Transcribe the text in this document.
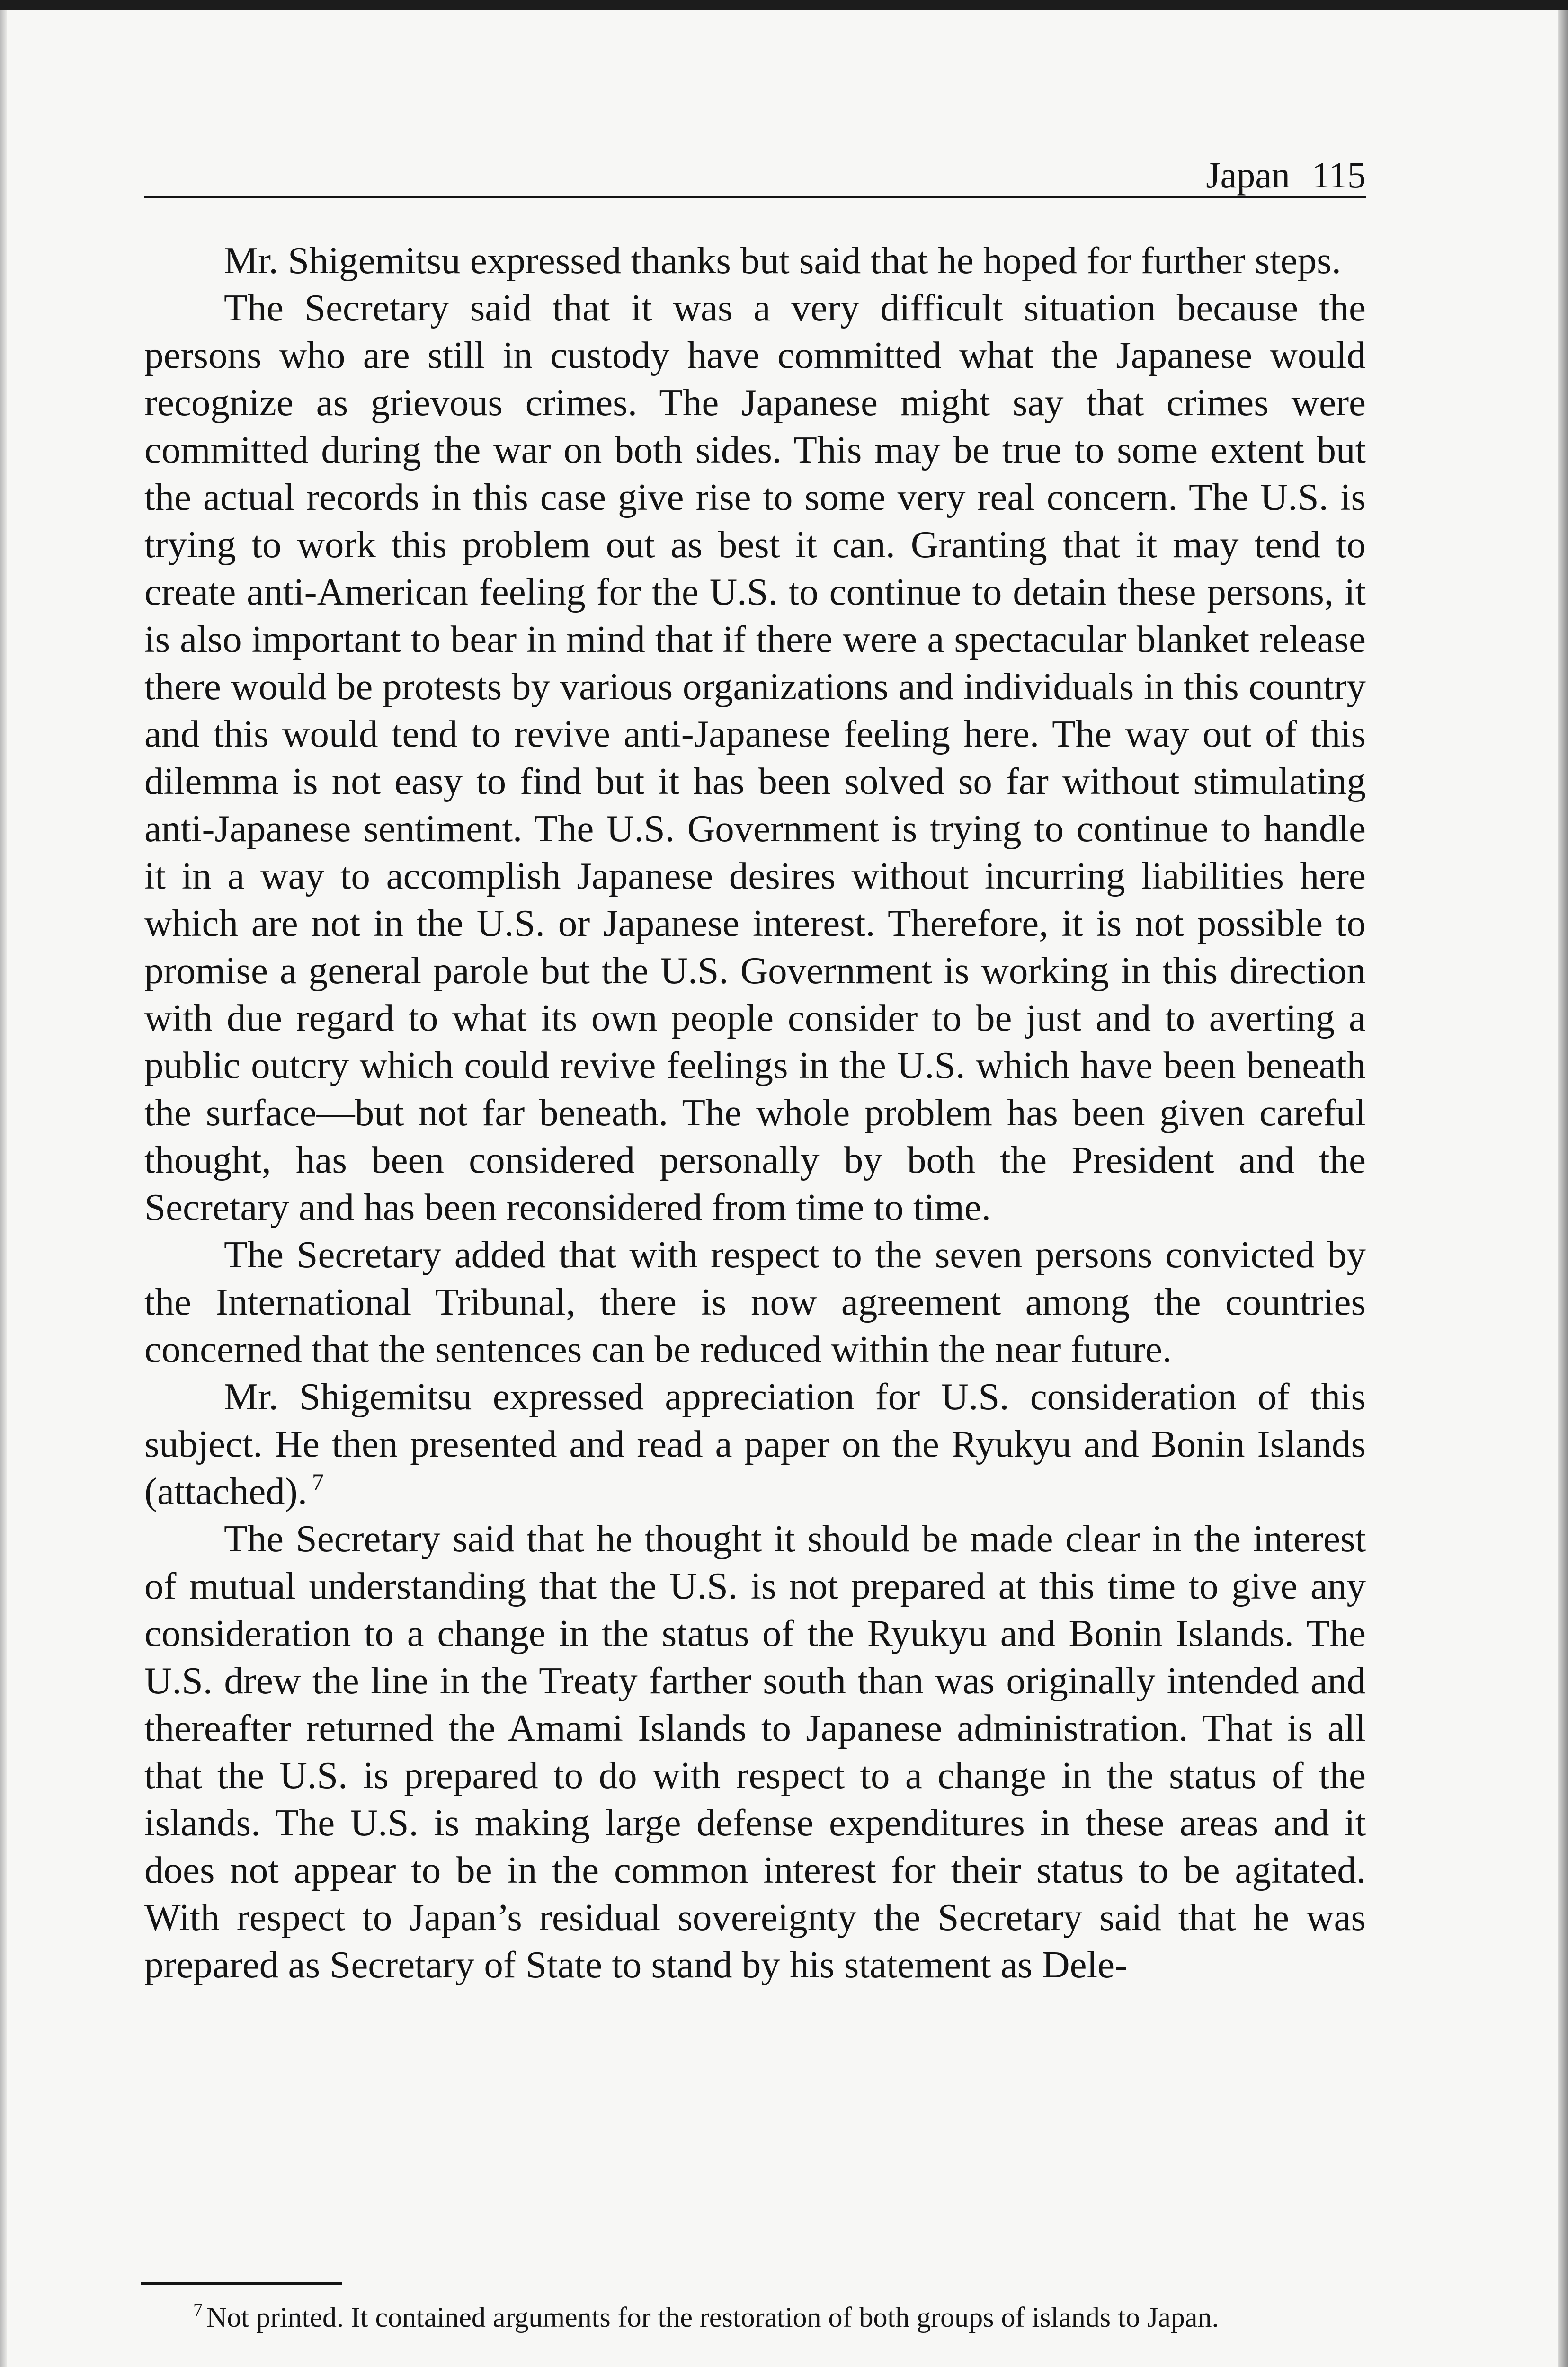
Japan 115

Mr. Shigemitsu expressed thanks but said that he hoped for further steps.

The Secretary said that it was a very difficult situation because the persons who are still in custody have committed what the Japanese would recognize as grievous crimes. The Japanese might say that crimes were committed during the war on both sides. This may be true to some extent but the actual records in this case give rise to some very real concern. The U.S. is trying to work this problem out as best it can. Granting that it may tend to create anti-American feeling for the U.S. to continue to detain these persons, it is also important to bear in mind that if there were a spectacular blanket release there would be protests by various organizations and individuals in this country and this would tend to revive anti-Japanese feeling here. The way out of this dilemma is not easy to find but it has been solved so far without stimulating anti-Japanese sentiment. The U.S. Government is trying to continue to handle it in a way to accomplish Japanese desires without incurring liabilities here which are not in the U.S. or Japanese interest. Therefore, it is not possible to promise a general parole but the U.S. Government is working in this direction with due regard to what its own people consider to be just and to averting a public outcry which could revive feelings in the U.S. which have been beneath the surface—but not far beneath. The whole problem has been given careful thought, has been considered personally by both the President and the Secretary and has been reconsidered from time to time.

The Secretary added that with respect to the seven persons convicted by the International Tribunal, there is now agreement among the countries concerned that the sentences can be reduced within the near future.

Mr. Shigemitsu expressed appreciation for U.S. consideration of this subject. He then presented and read a paper on the Ryukyu and Bonin Islands (attached). $^7$

The Secretary said that he thought it should be made clear in the interest of mutual understanding that the U.S. is not prepared at this time to give any consideration to a change in the status of the Ryukyu and Bonin Islands. The U.S. drew the line in the Treaty farther south than was originally intended and thereafter returned the Amami Islands to Japanese administration. That is all that the U.S. is prepared to do with respect to a change in the status of the islands. The U.S. is making large defense expenditures in these areas and it does not appear to be in the common interest for their status to be agitated. With respect to Japan’s residual sovereignty the Secretary said that he was prepared as Secretary of State to stand by his statement as Dele-

$^7$ Not printed. It contained arguments for the restoration of both groups of islands to Japan.
